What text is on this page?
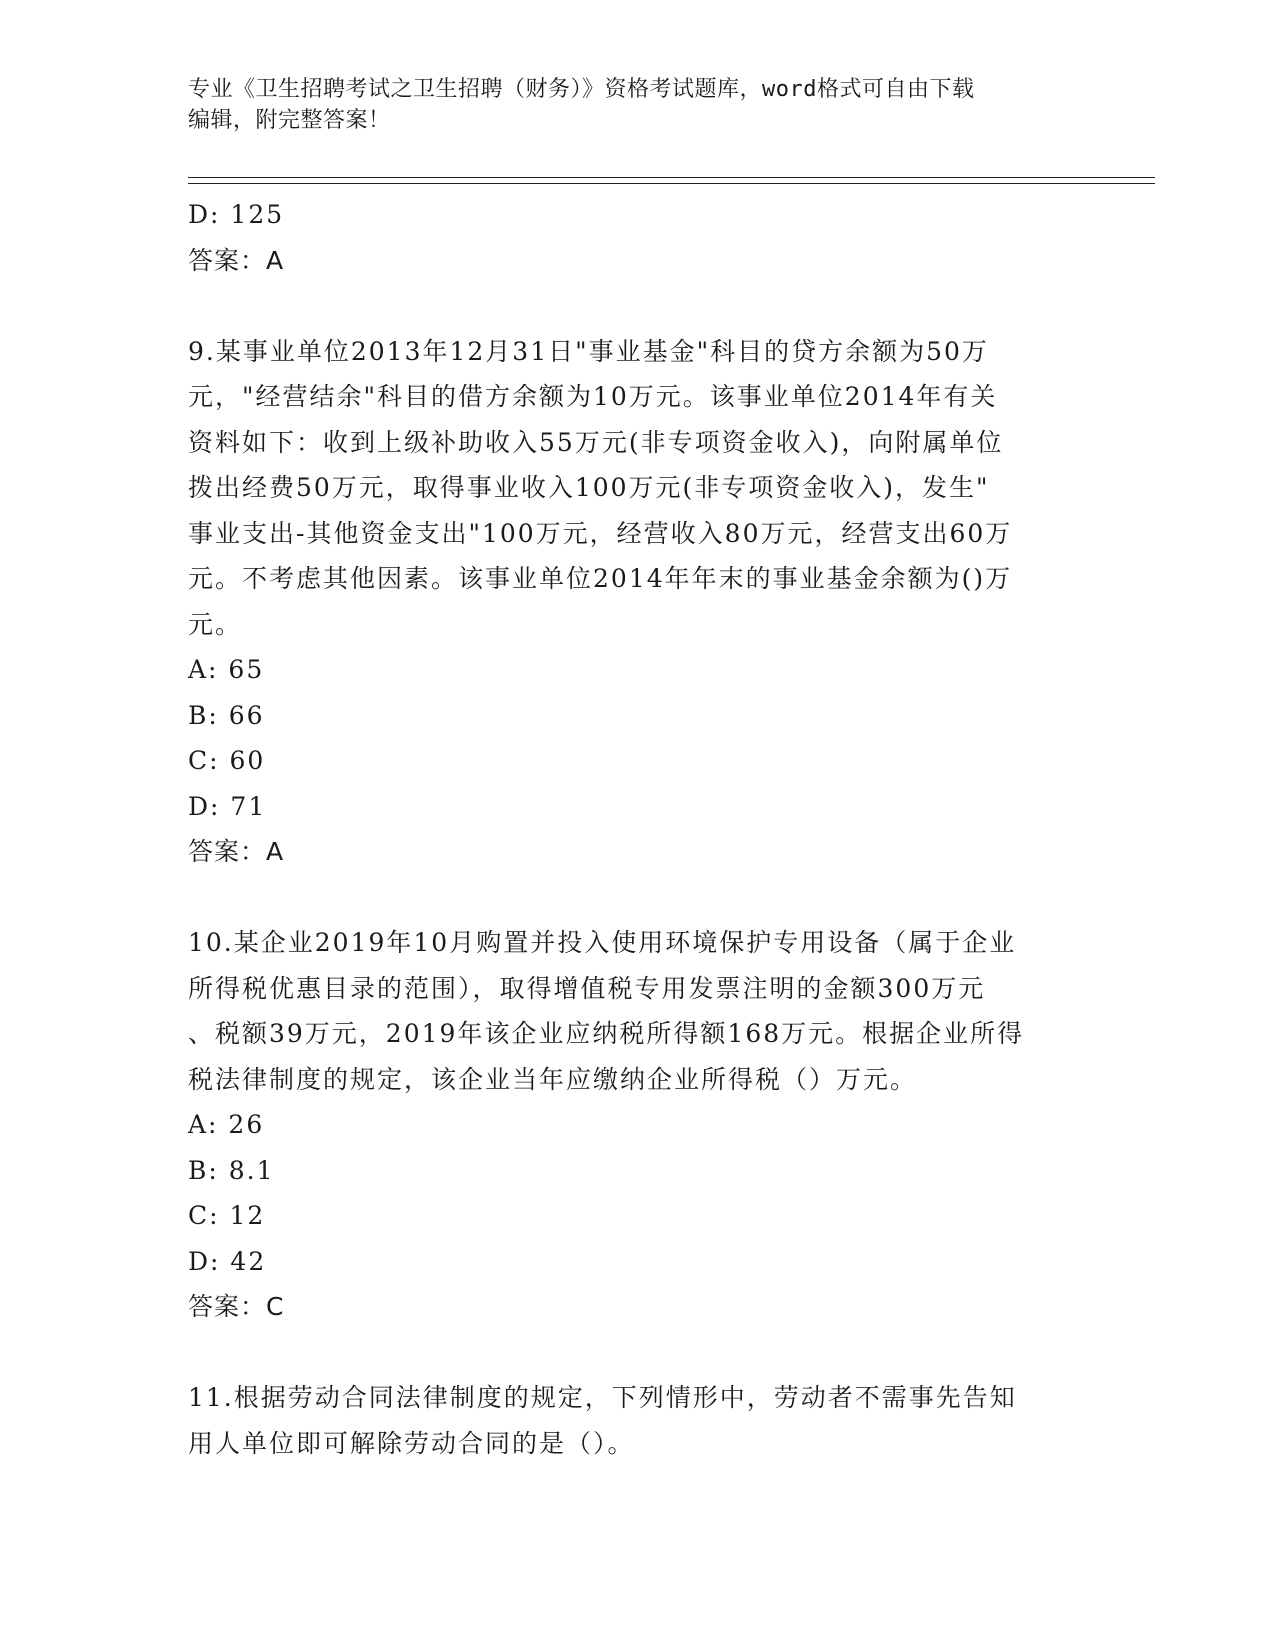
专业《卫生招聘考试之卫生招聘（财务）》资格考试题库，word格式可自由下载
编辑，附完整答案！
D: 125
答案：A
9.某事业单位2013年12月31日"事业基金"科目的贷方余额为50万
元，"经营结余"科目的借方余额为10万元。该事业单位2014年有关
资料如下：收到上级补助收入55万元(非专项资金收入)，向附属单位
拨出经费50万元，取得事业收入100万元(非专项资金收入)，发生"
事业支出-其他资金支出"100万元，经营收入80万元，经营支出60万
元。不考虑其他因素。该事业单位2014年年末的事业基金余额为()万
元。
A: 65
B: 66
C: 60
D: 71
答案：A
10.某企业2019年10月购置并投入使用环境保护专用设备（属于企业
所得税优惠目录的范围），取得增值税专用发票注明的金额300万元
、税额39万元，2019年该企业应纳税所得额168万元。根据企业所得
税法律制度的规定，该企业当年应缴纳企业所得税（）万元。
A: 26
B: 8.1
C: 12
D: 42
答案：C
11.根据劳动合同法律制度的规定，下列情形中，劳动者不需事先告知
用人单位即可解除劳动合同的是（）。
